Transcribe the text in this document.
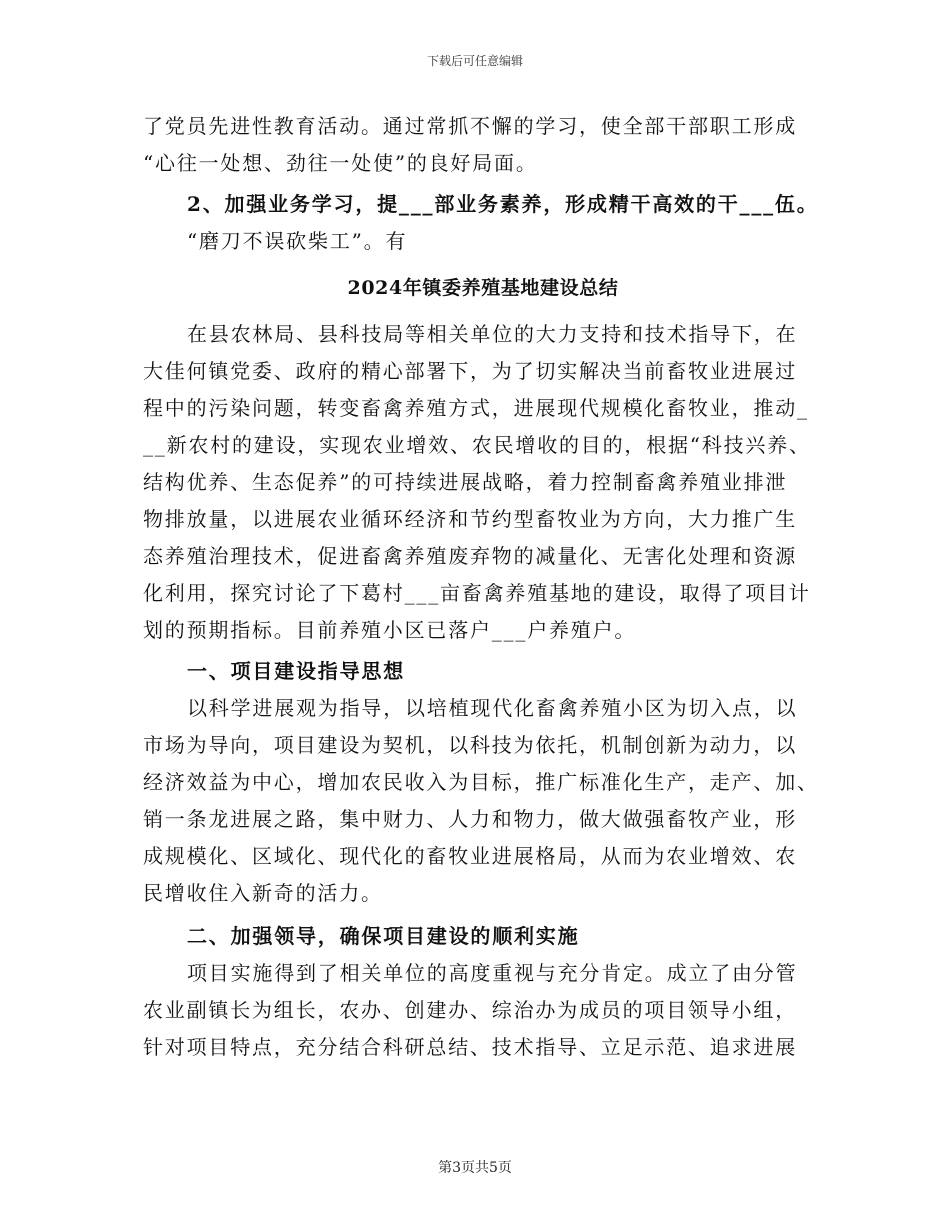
下载后可任意编辑
了党员先进性教育活动。通过常抓不懈的学习，使全部干部职工形成
“心往一处想、劲往一处使”的良好局面。
2、加强业务学习，提___部业务素养，形成精干高效的干___伍。
“磨刀不误砍柴工”。有
2024年镇委养殖基地建设总结
在县农林局、县科技局等相关单位的大力支持和技术指导下，在
大佳何镇党委、政府的精心部署下，为了切实解决当前畜牧业进展过
程中的污染问题，转变畜禽养殖方式，进展现代规模化畜牧业，推动_
__新农村的建设，实现农业增效、农民增收的目的，根据“科技兴养、
结构优养、生态促养”的可持续进展战略，着力控制畜禽养殖业排泄
物排放量，以进展农业循环经济和节约型畜牧业为方向，大力推广生
态养殖治理技术，促进畜禽养殖废弃物的减量化、无害化处理和资源
化利用，探究讨论了下葛村___亩畜禽养殖基地的建设，取得了项目计
划的预期指标。目前养殖小区已落户___户养殖户。
一、项目建设指导思想
以科学进展观为指导，以培植现代化畜禽养殖小区为切入点，以
市场为导向，项目建设为契机，以科技为依托，机制创新为动力，以
经济效益为中心，增加农民收入为目标，推广标准化生产，走产、加、
销一条龙进展之路，集中财力、人力和物力，做大做强畜牧产业，形
成规模化、区域化、现代化的畜牧业进展格局，从而为农业增效、农
民增收住入新奇的活力。
二、加强领导，确保项目建设的顺利实施
项目实施得到了相关单位的高度重视与充分肯定。成立了由分管
农业副镇长为组长，农办、创建办、综治办为成员的项目领导小组，
针对项目特点，充分结合科研总结、技术指导、立足示范、追求进展
第3页共5页
